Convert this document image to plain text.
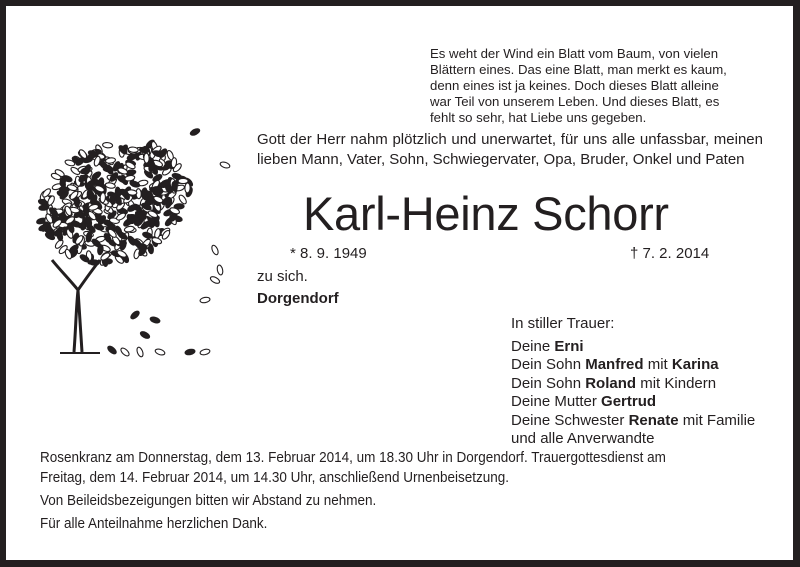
Es weht der Wind ein Blatt vom Baum, von vielen
Blättern eines. Das eine Blatt, man merkt es kaum,
denn eines ist ja keines. Doch dieses Blatt alleine
war Teil von unserem Leben. Und dieses Blatt, es
fehlt so sehr, hat Liebe uns gegeben.
Gott der Herr nahm plötzlich und unerwartet, für uns alle unfassbar, meinen lieben Mann, Vater, Sohn, Schwiegervater, Opa, Bruder, Onkel und Paten
Karl-Heinz Schorr
* 8. 9. 1949	† 7. 2. 2014
zu sich.
Dorgendorf
In stiller Trauer:
Deine Erni
Dein Sohn Manfred mit Karina
Dein Sohn Roland mit Kindern
Deine Mutter Gertrud
Deine Schwester Renate mit Familie
und alle Anverwandte

Rosenkranz am Donnerstag, dem 13. Februar 2014, um 18.30 Uhr in Dorgendorf. Trauergottesdienst am

Freitag, dem 14. Februar 2014, um 14.30 Uhr, anschließend Urnenbeisetzung.

Von Beileidsbezeigungen bitten wir Abstand zu nehmen.

Für alle Anteilnahme herzlichen Dank.
